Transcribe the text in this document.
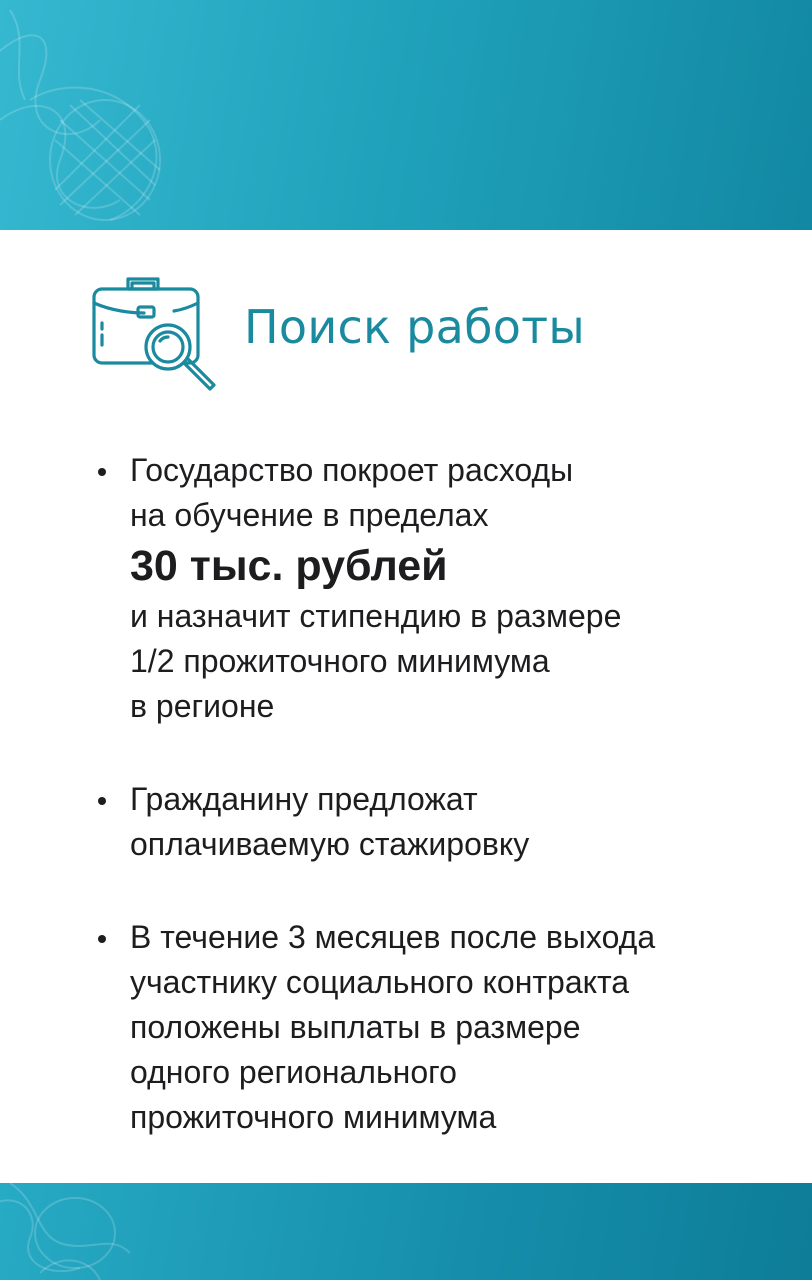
Поиск работы
Государство покроет расходы
на обучение в пределах
30 тыс. рублей
и назначит стипендию в размере
1/2 прожиточного минимума
в регионе
Гражданину предложат
оплачиваемую стажировку
В течение 3 месяцев после выхода
участнику социального контракта
положены выплаты в размере
одного регионального
прожиточного минимума
